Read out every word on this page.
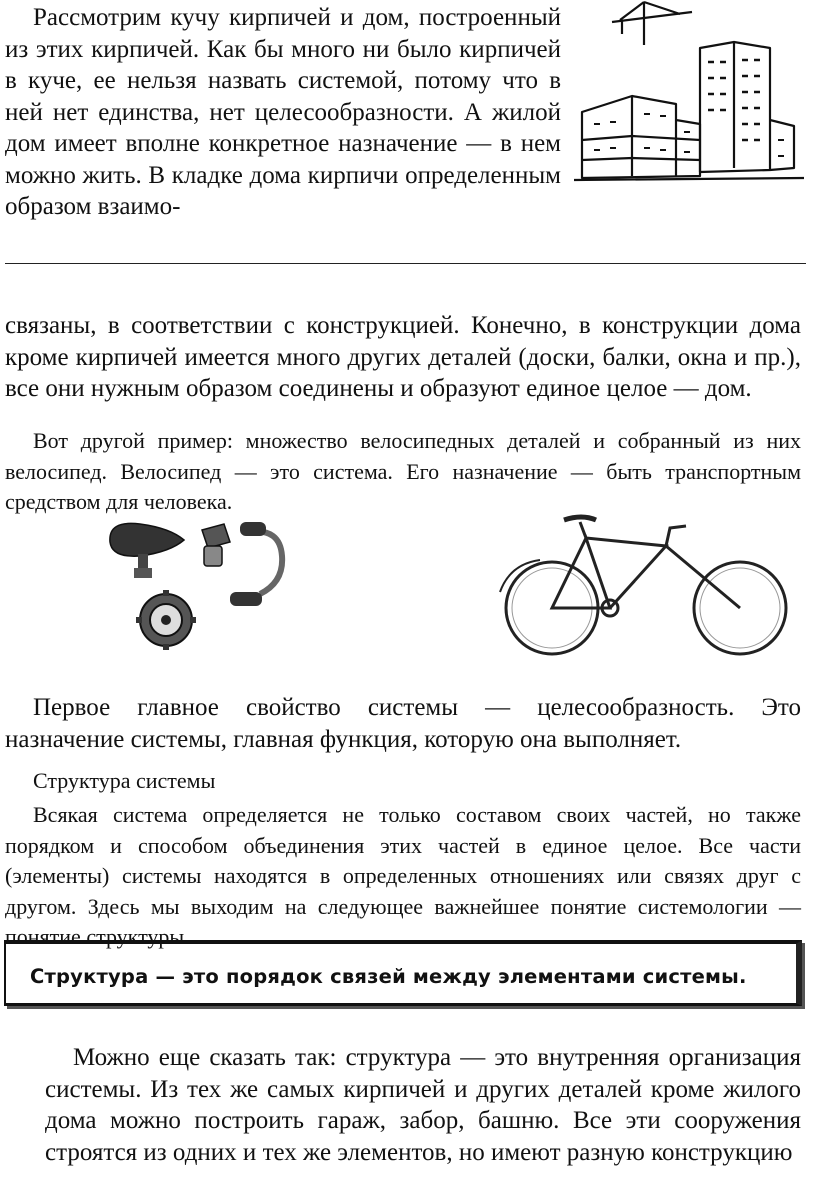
Рассмотрим кучу кирпичей и дом, построенный из этих кирпичей. Как бы много ни было кирпичей в куче, ее нельзя назвать системой, потому что в ней нет единства, нет целесообразности. А жилой дом имеет вполне конкретное назначение — в нем можно жить. В кладке дома кирпичи определенным образом взаимо-

связаны, в соответствии с конструкцией. Конечно, в конструкции дома кроме кирпичей имеется много других деталей (доски, балки, окна и пр.), все они нужным образом соединены и образуют единое целое — дом.

Вот другой пример: множество велосипедных деталей и собранный из них велосипед. Велосипед — это система. Его назначение — быть транспортным средством для человека.

Первое главное свойство системы — целесообразность. Это назначение системы, главная функция, которую она выполняет.

Структура системы

Всякая система определяется не только составом своих частей, но также порядком и способом объединения этих частей в единое целое. Все части (элементы) системы находятся в определенных отношениях или связях друг с другом. Здесь мы выходим на следующее важнейшее понятие системологии — понятие структуры.

Структура — это порядок связей между элементами системы.

Можно еще сказать так: структура — это внутренняя организация системы. Из тех же самых кирпичей и других деталей кроме жилого дома можно построить гараж, забор, башню. Все эти сооружения строятся из одних и тех же элементов, но имеют разную конструкцию
